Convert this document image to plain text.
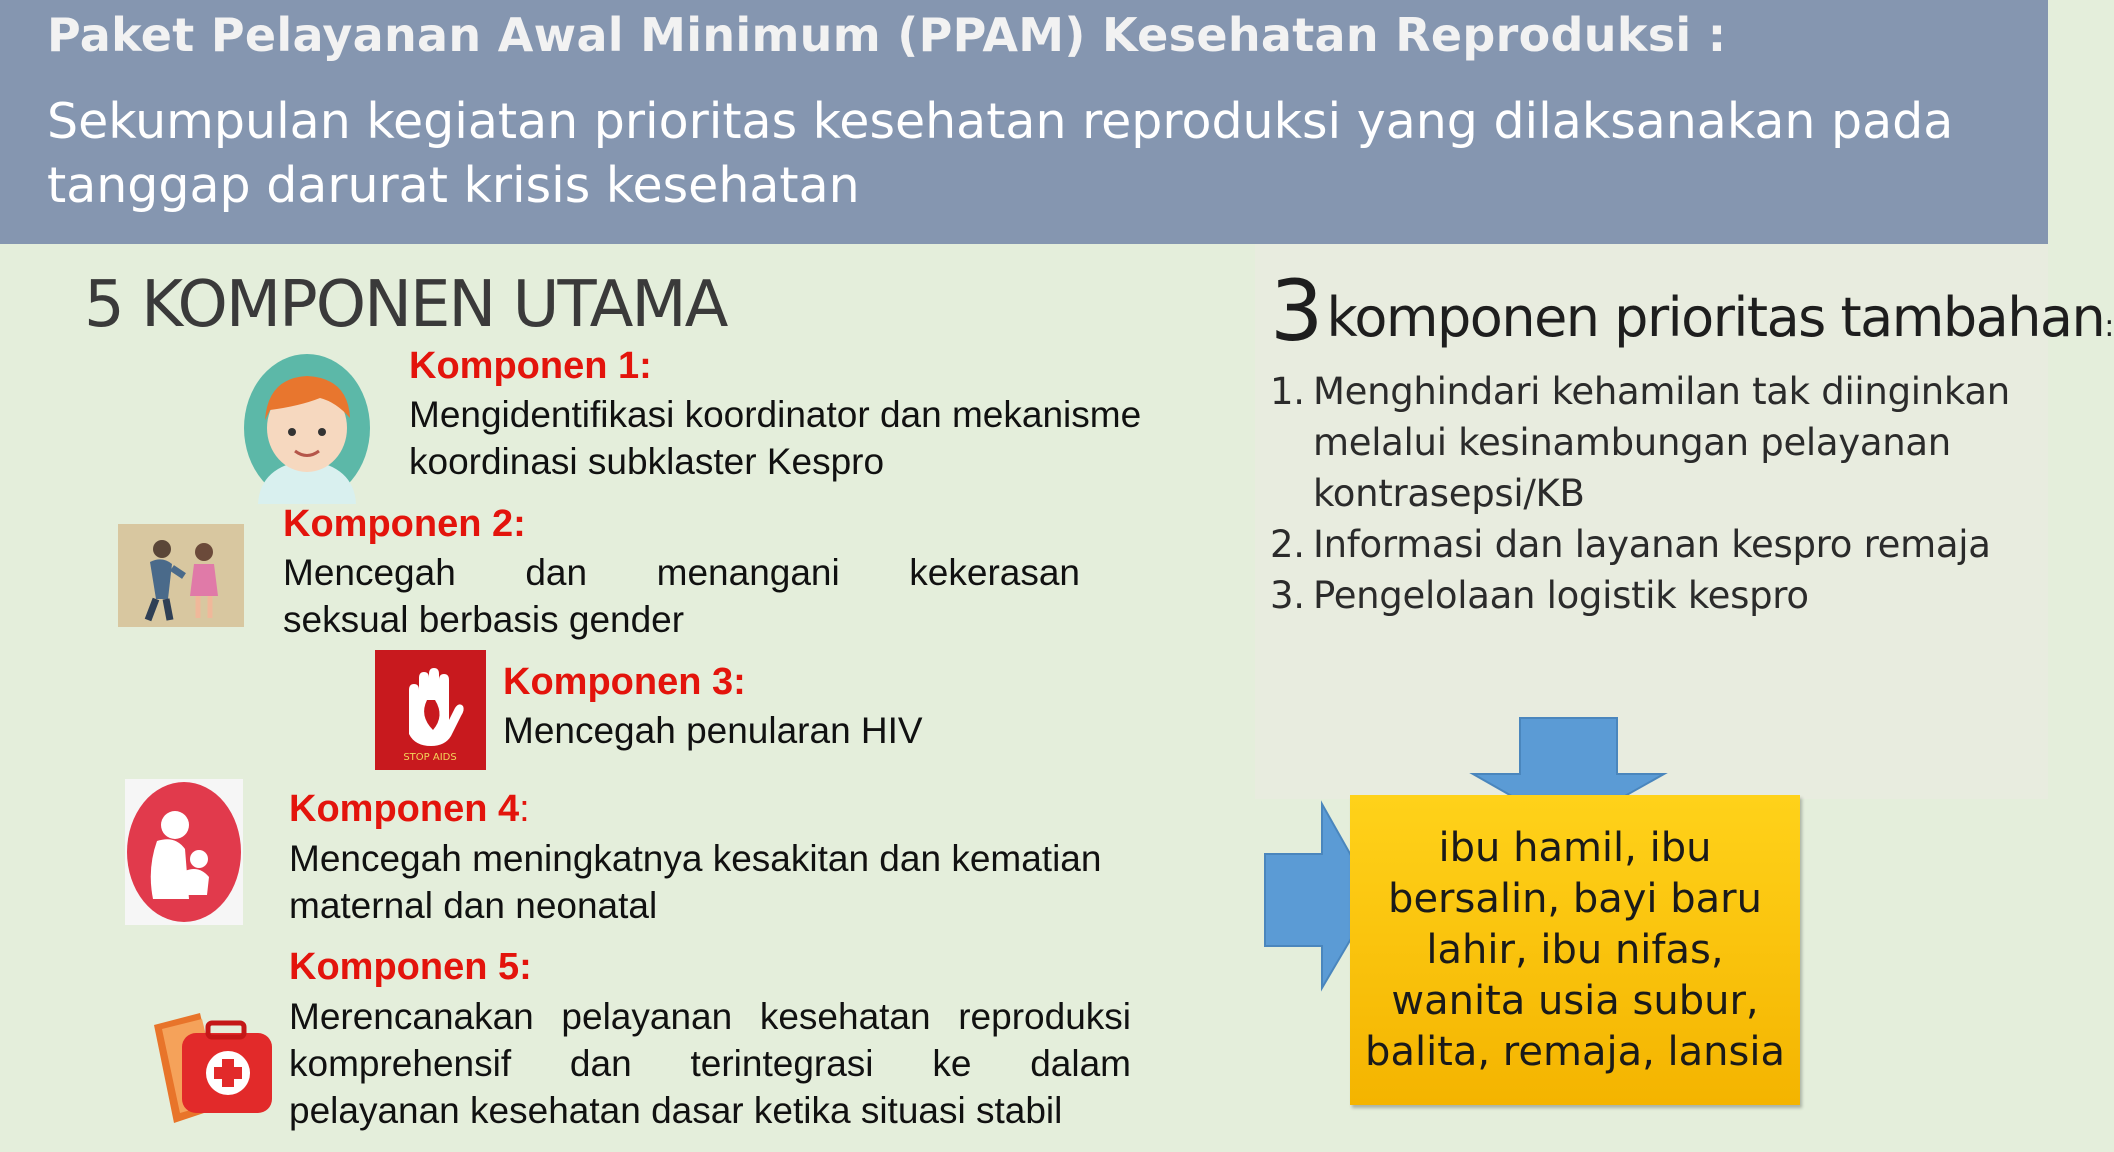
Paket Pelayanan Awal Minimum (PPAM) Kesehatan Reproduksi :
Sekumpulan kegiatan prioritas kesehatan reproduksi yang dilaksanakan pada tanggap darurat krisis kesehatan
5 KOMPONEN UTAMA
Komponen 1:
Mengidentifikasi koordinator dan mekanisme koordinasi subklaster Kespro
Komponen 2:
Mencegah dan menangani kekerasan
seksual berbasis gender
STOP AIDS
Komponen 3:
Mencegah penularan HIV
Komponen 4:
Mencegah meningkatnya kesakitan dan kematian maternal dan neonatal
Komponen 5:
Merencanakan pelayanan kesehatan reproduksi komprehensif dan terintegrasi ke dalam
pelayanan kesehatan dasar ketika situasi stabil
3 komponen prioritas tambahan:
1. Menghindari kehamilan tak diinginkan melalui kesinambungan pelayanan kontrasepsi/KB
2. Informasi dan layanan kespro remaja
3. Pengelolaan logistik kespro
ibu hamil, ibu bersalin, bayi baru lahir, ibu nifas, wanita usia subur, balita, remaja, lansia
